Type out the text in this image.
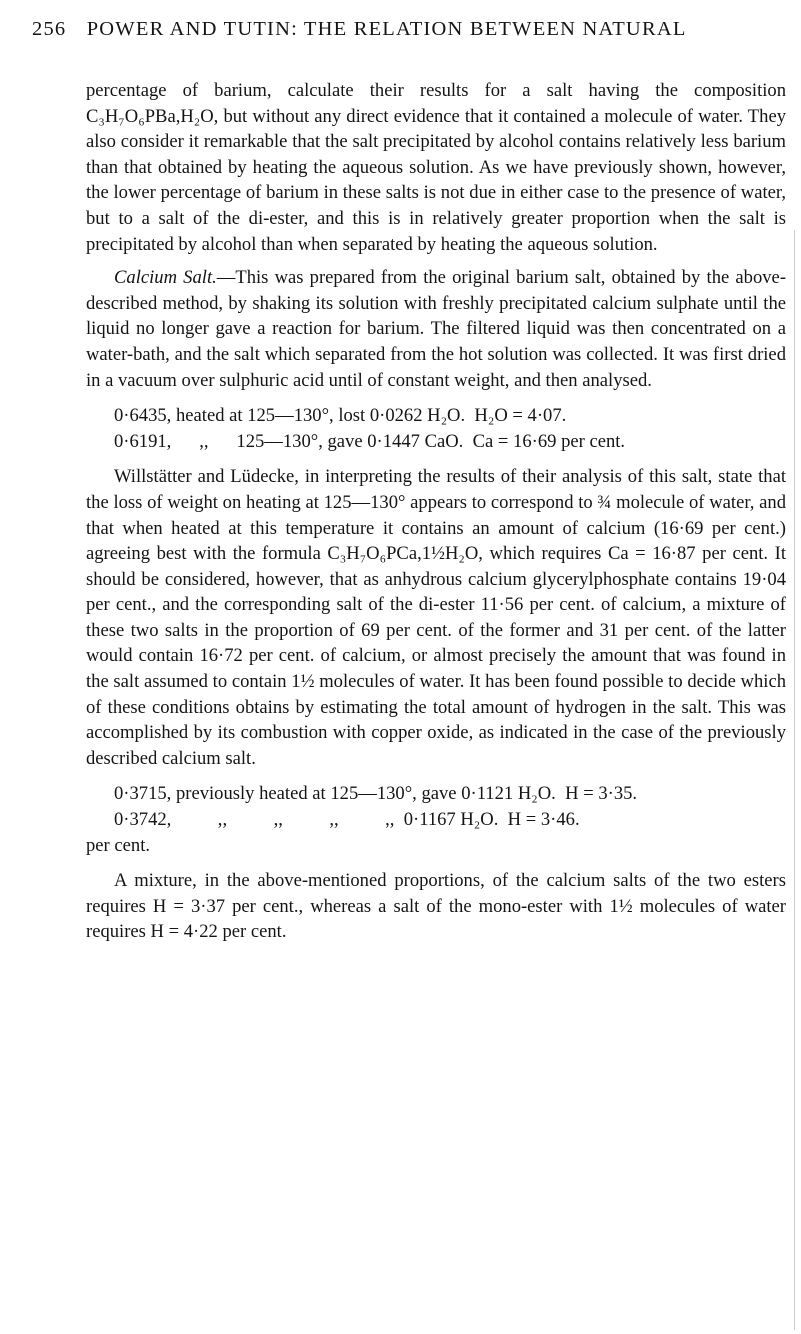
256 POWER AND TUTIN: THE RELATION BETWEEN NATURAL

percentage of barium, calculate their results for a salt having the composition C₃H₇O₆PBa,H₂O, but without any direct evidence that it contained a molecule of water. They also consider it remarkable that the salt precipitated by alcohol contains relatively less barium than that obtained by heating the aqueous solution. As we have previously shown, however, the lower percentage of barium in these salts is not due in either case to the presence of water, but to a salt of the di-ester, and this is in relatively greater proportion when the salt is precipitated by alcohol than when separated by heating the aqueous solution.

Calcium Salt.—This was prepared from the original barium salt, obtained by the above-described method, by shaking its solution with freshly precipitated calcium sulphate until the liquid no longer gave a reaction for barium. The filtered liquid was then concentrated on a water-bath, and the salt which separated from the hot solution was collected. It was first dried in a vacuum over sulphuric acid until of constant weight, and then analysed.

0·6435, heated at 125—130°, lost 0·0262 H₂O.  H₂O = 4·07.

0·6191,      ,,      125—130°, gave 0·1447 CaO.  Ca = 16·69 per cent.

Willstätter and Lüdecke, in interpreting the results of their analysis of this salt, state that the loss of weight on heating at 125—130° appears to correspond to ¾ molecule of water, and that when heated at this temperature it contains an amount of calcium (16·69 per cent.) agreeing best with the formula C₃H₇O₆PCa,1½H₂O, which requires Ca = 16·87 per cent. It should be considered, however, that as anhydrous calcium glycerylphosphate contains 19·04 per cent., and the corresponding salt of the di-ester 11·56 per cent. of calcium, a mixture of these two salts in the proportion of 69 per cent. of the former and 31 per cent. of the latter would contain 16·72 per cent. of calcium, or almost precisely the amount that was found in the salt assumed to contain 1½ molecules of water. It has been found possible to decide which of these conditions obtains by estimating the total amount of hydrogen in the salt. This was accomplished by its combustion with copper oxide, as indicated in the case of the previously described calcium salt.

0·3715, previously heated at 125—130°, gave 0·1121 H₂O.  H = 3·35.

0·3742,          ,,          ,,          ,,          ,,  0·1167 H₂O.  H = 3·46.

per cent.

A mixture, in the above-mentioned proportions, of the calcium salts of the two esters requires H = 3·37 per cent., whereas a salt of the mono-ester with 1½ molecules of water requires H = 4·22 per cent.
